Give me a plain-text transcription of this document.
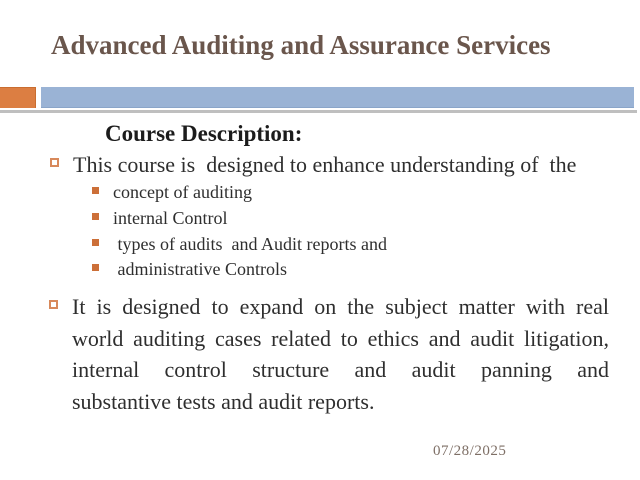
Advanced Auditing and Assurance Services
Course Description:
This course is  designed to enhance understanding of  the
concept of auditing
internal Control
types of audits  and Audit reports and
administrative Controls
It is designed to expand on the subject matter with real
world auditing cases related to ethics and audit litigation,
internal control structure and audit panning and
substantive tests and audit reports.
07/28/2025
